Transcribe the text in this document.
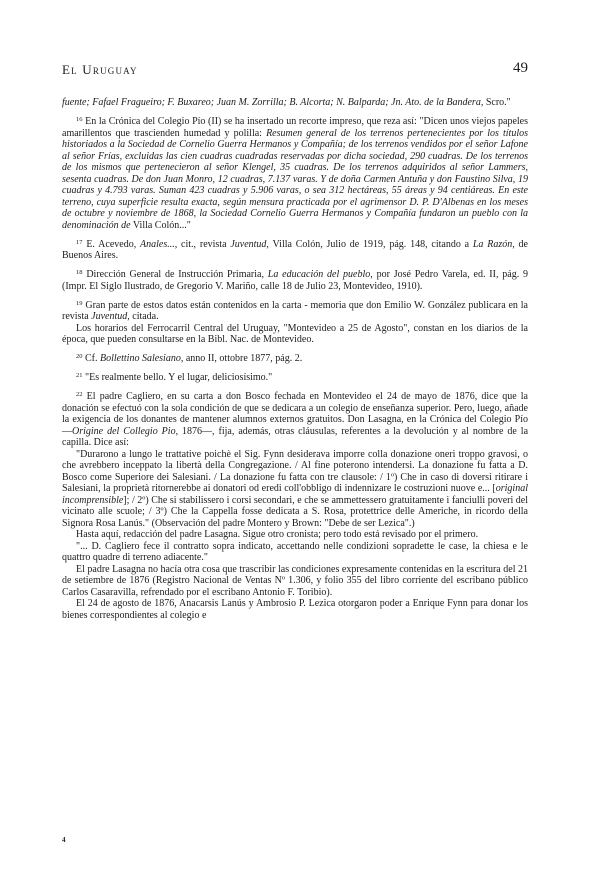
El Uruguay	49

fuente; Fafael Fragueiro; F. Buxareo; Juan M. Zorrilla; B. Alcorta; N. Balparda; Jn. Ato. de la Bandera, Scro."

$^{16}$ En la Crónica del Colegio Pío (II) se ha insertado un recorte impreso, que reza así: "Dicen unos viejos papeles amarillentos que trascienden humedad y polilla: Resumen general de los terrenos pertenecientes por los títulos historiados a la Sociedad de Cornelio Guerra Hermanos y Compañía; de los terrenos vendidos por el señor Lafone al señor Frías, excluidas las cien cuadras cuadradas reservadas por dicha sociedad, 290 cuadras. De los terrenos de los mismos que pertenecieron al señor Klengel, 35 cuadras. De los terrenos adquiridos al señor Lammers, sesenta cuadras. De don Juan Monro, 12 cuadras, 7.137 varas. Y de doña Carmen Antuña y don Faustino Silva, 19 cuadras y 4.793 varas. Suman 423 cuadras y 5.906 varas, o sea 312 hectáreas, 55 áreas y 94 centiáreas. En este terreno, cuya superficie resulta exacta, según mensura practicada por el agrimensor D. P. D'Albenas en los meses de octubre y noviembre de 1868, la Sociedad Cornelio Guerra Hermanos y Compañía fundaron un pueblo con la denominación de Villa Colón..."

$^{17}$ E. Acevedo, Anales..., cit., revista Juventud, Villa Colón, Julio de 1919, pág. 148, citando a La Razón, de Buenos Aires.

$^{18}$ Dirección General de Instrucción Primaria, La educación del pueblo, por José Pedro Varela, ed. II, pág. 9 (Impr. El Siglo Ilustrado, de Gregorio V. Mariño, calle 18 de Julio 23, Montevideo, 1910).

$^{19}$ Gran parte de estos datos están contenidos en la carta - memoria que don Emilio W. González publicara en la revista Juventud, citada.

Los horarios del Ferrocarril Central del Uruguay, "Montevideo a 25 de Agosto", constan en los diarios de la época, que pueden consultarse en la Bibl. Nac. de Montevideo.

$^{20}$ Cf. Bollettino Salesiano, anno II, ottobre 1877, pág. 2.

$^{21}$ "Es realmente bello. Y el lugar, deliciosísimo."

$^{22}$ El padre Cagliero, en su carta a don Bosco fechada en Montevideo el 24 de mayo de 1876, dice que la donación se efectuó con la sola condición de que se dedicara a un colegio de enseñanza superior. Pero, luego, añade la exigencia de los donantes de mantener alumnos externos gratuitos. Don Lasagna, en la Crónica del Colegio Pío —Origine del Collegio Pio, 1876—, fija, además, otras cláusulas, referentes a la devolución y al nombre de la capilla. Dice así:

"Durarono a lungo le trattative poichè el Sig. Fynn desiderava imporre colla donazione oneri troppo gravosi, o che avrebbero inceppato la libertà della Congregazione. / Al fine poterono intendersi. La donazione fu fatta a D. Bosco come Superiore dei Salesiani. / La donazione fu fatta con tre clausole: / 1º) Che in caso di doversi ritirare i Salesiani, la proprietà ritornerebbe ai donatori od eredi coll'obbligo di indennizare le costruzioni nuove e... [original incomprensible]; / 2º) Che si stabilissero i corsi secondari, e che se ammettessero gratuitamente i fanciulli poveri del vicinato alle scuole; / 3º) Che la Cappella fosse dedicata a S. Rosa, protettrice delle Americhe, in ricordo della Signora Rosa Lanús." (Observación del padre Montero y Brown: "Debe de ser Lezica".)

Hasta aquí, redacción del padre Lasagna. Sigue otro cronista; pero todo está revisado por el primero.

"... D. Cagliero fece il contratto sopra indicato, accettando nelle condizioni sopradette le case, la chiesa e le quattro quadre di terreno adiacente."

El padre Lasagna no hacía otra cosa que trascribir las condiciones expresamente contenidas en la escritura del 21 de setiembre de 1876 (Registro Nacional de Ventas Nº 1.306, y folio 355 del libro corriente del escribano público Carlos Casaravilla, refrendado por el escribano Antonio F. Toribio).

El 24 de agosto de 1876, Anacarsis Lanús y Ambrosio P. Lezica otorgaron poder a Enrique Fynn para donar los bienes correspondientes al colegio e

4
